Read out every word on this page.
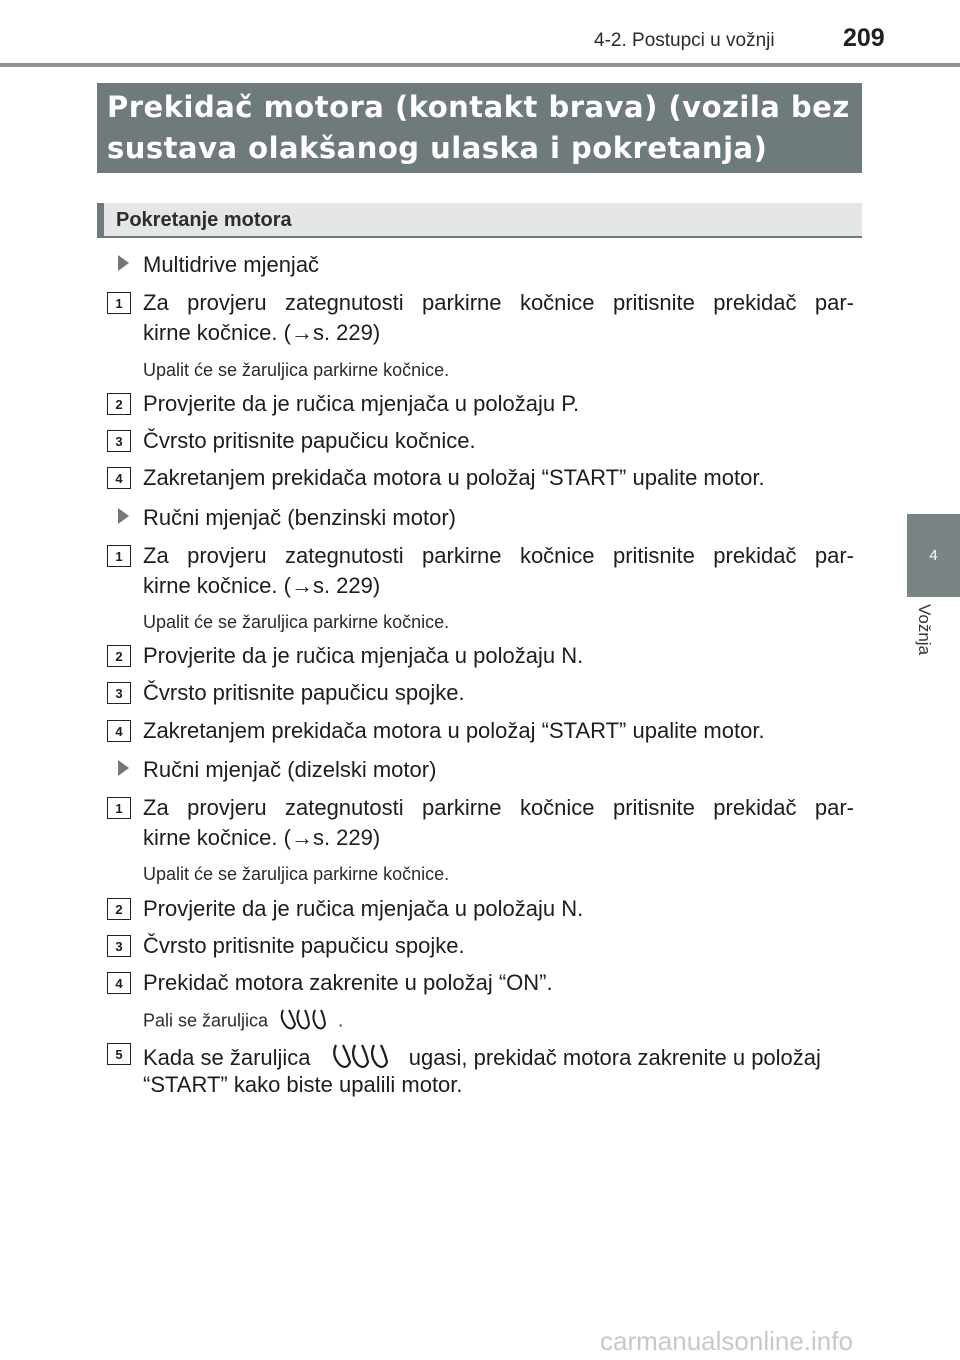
4-2. Postupci u vožnji	209
4
Vožnja
Prekidač motora (kontakt brava) (vozila bez
sustava olakšanog ulaska i pokretanja)
Pokretanje motora
Multidrive mjenjač
1 Za provjeru zategnutosti parkirne kočnice pritisnite prekidač par-
kirne kočnice. (→s. 229)
Upalit će se žaruljica parkirne kočnice.
2 Provjerite da je ručica mjenjača u položaju P.
3 Čvrsto pritisnite papučicu kočnice.
4 Zakretanjem prekidača motora u položaj “START” upalite motor.
Ručni mjenjač (benzinski motor)
1 Za provjeru zategnutosti parkirne kočnice pritisnite prekidač par-
kirne kočnice. (→s. 229)
Upalit će se žaruljica parkirne kočnice.
2 Provjerite da je ručica mjenjača u položaju N.
3 Čvrsto pritisnite papučicu spojke.
4 Zakretanjem prekidača motora u položaj “START” upalite motor.
Ručni mjenjač (dizelski motor)
1 Za provjeru zategnutosti parkirne kočnice pritisnite prekidač par-
kirne kočnice. (→s. 229)
Upalit će se žaruljica parkirne kočnice.
2 Provjerite da je ručica mjenjača u položaju N.
3 Čvrsto pritisnite papučicu spojke.
4 Prekidač motora zakrenite u položaj “ON”.
Pali se žaruljica	.
5 Kada se žaruljica	ugasi, prekidač motora zakrenite u položaj
“START” kako biste upalili motor.
carmanualsonline.info
